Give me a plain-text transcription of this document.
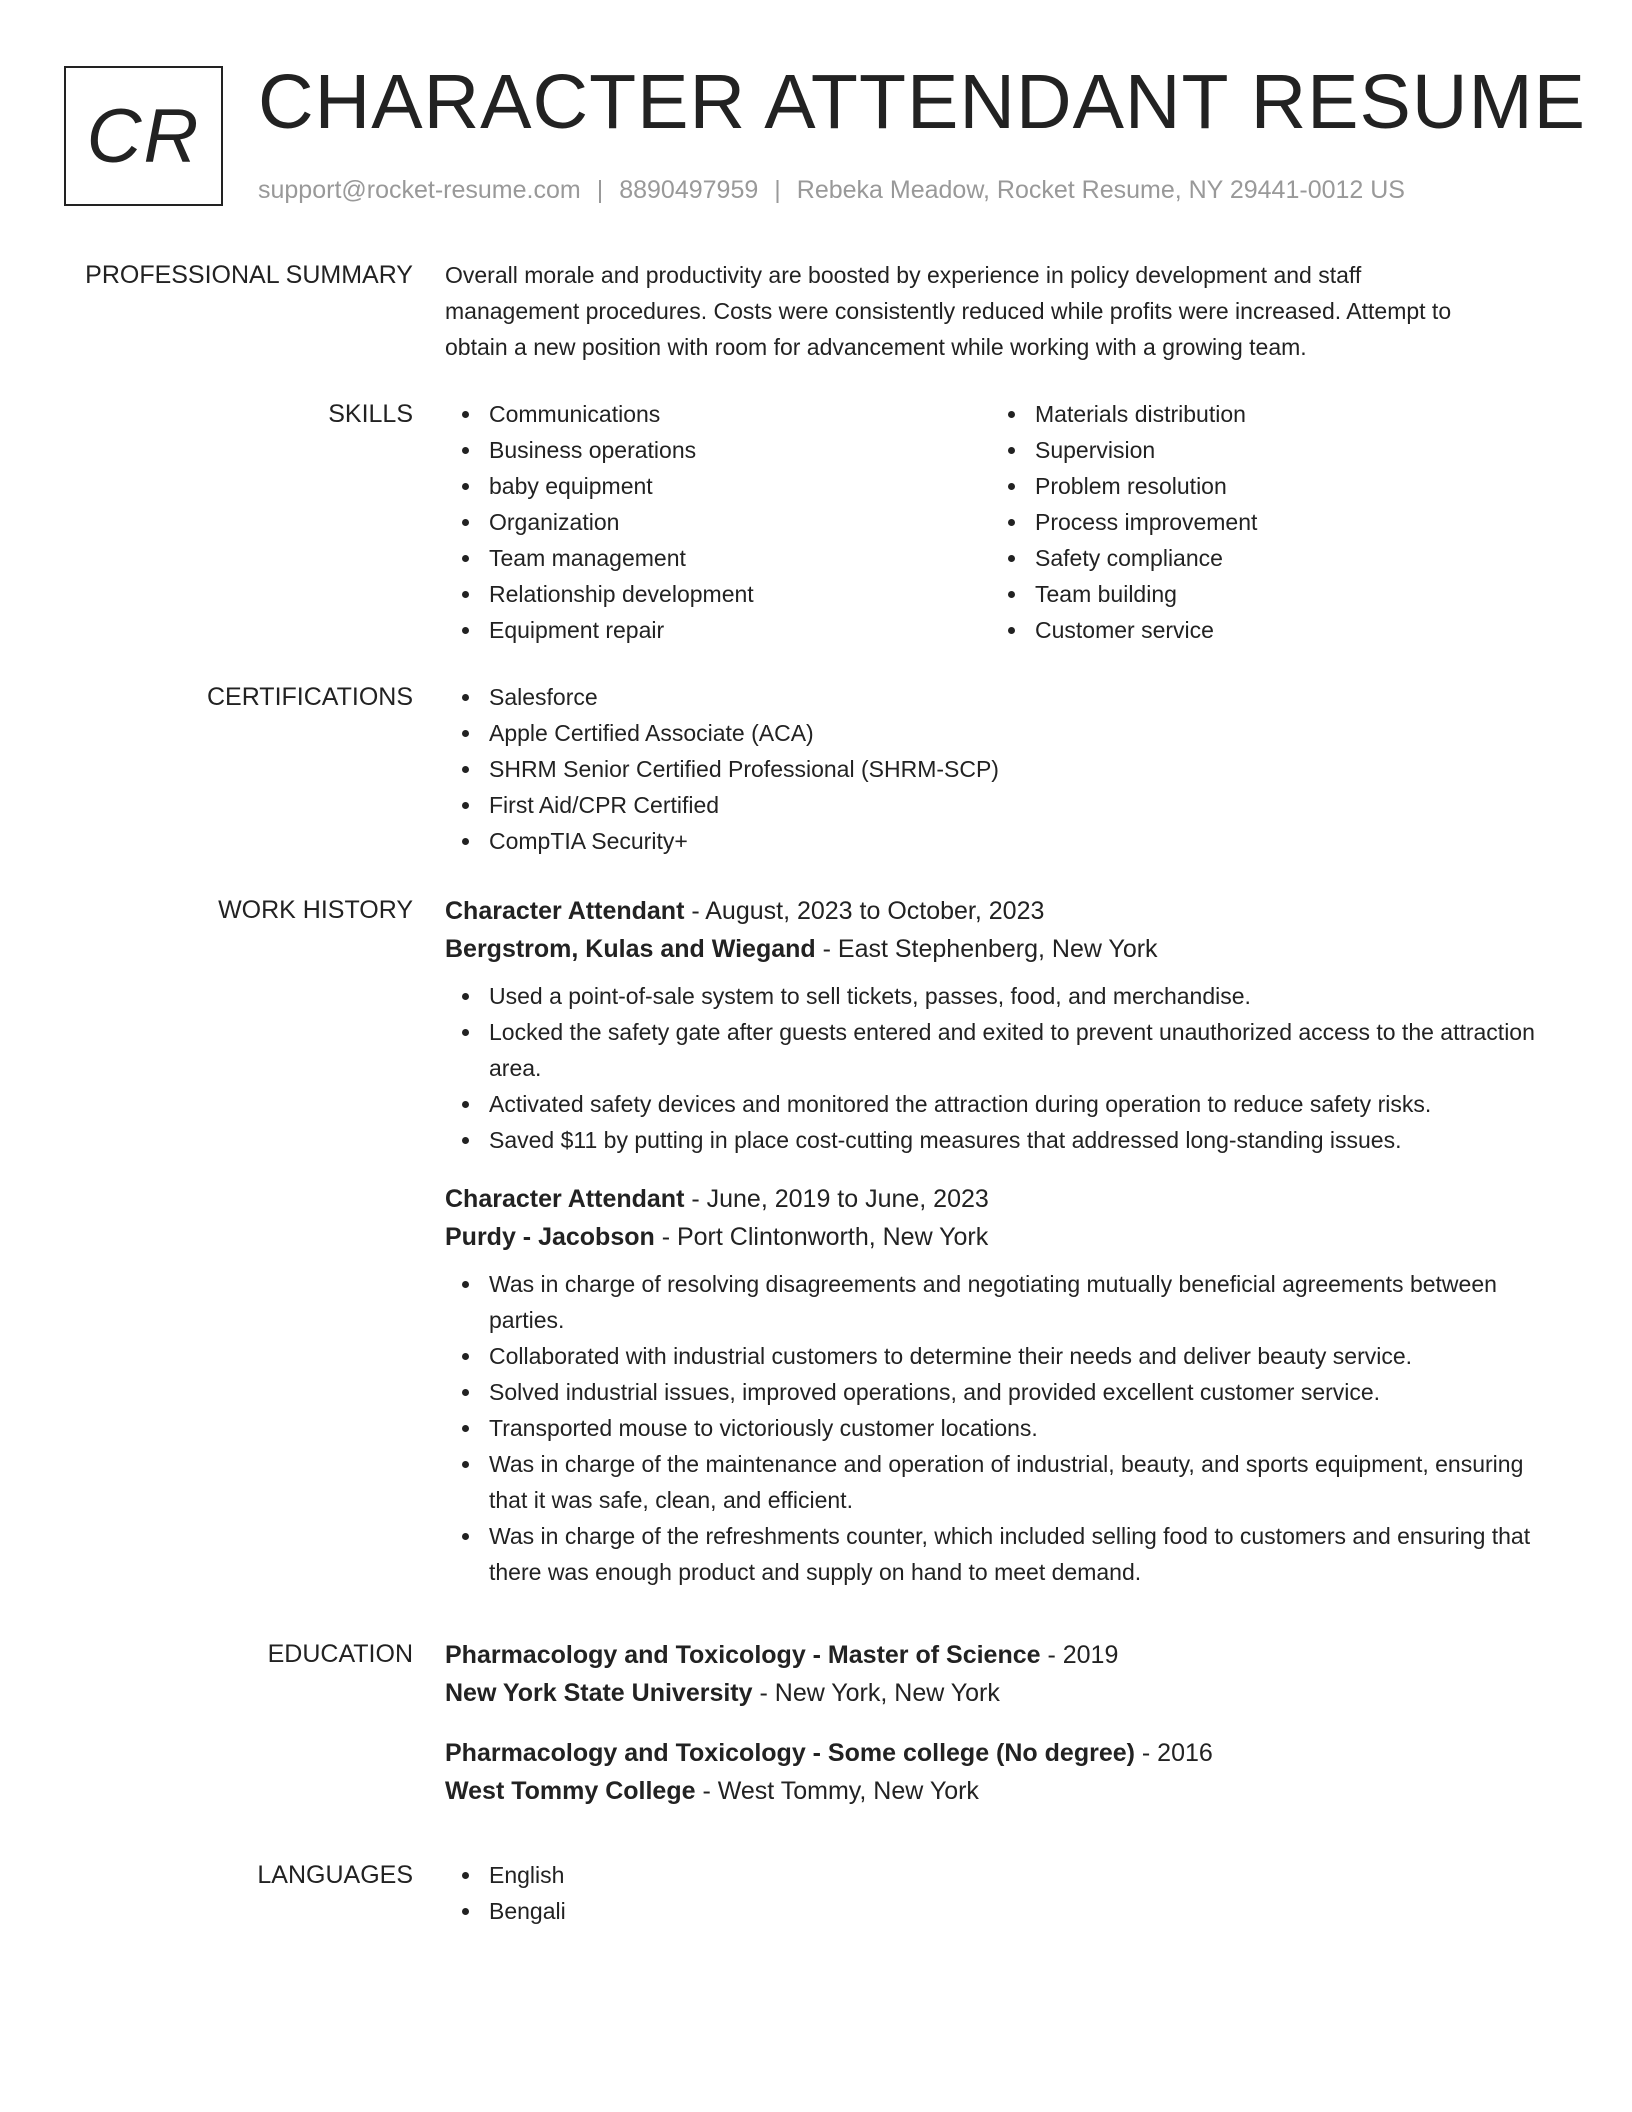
CR CHARACTER ATTENDANT RESUME
support@rocket-resume.com | 8890497959 | Rebeka Meadow, Rocket Resume, NY 29441-0012 US
PROFESSIONAL SUMMARY Overall morale and productivity are boosted by experience in policy development and staff

management procedures. Costs were consistently reduced while profits were increased. Attempt to

obtain a new position with room for advancement while working with a growing team.

SKILLS	Communications
Business operations
baby equipment
Organization
Team management
Relationship development
Equipment repair
Materials distribution
Supervision
Problem resolution
Process improvement
Safety compliance
Team building
Customer service
CERTIFICATIONS	Salesforce
Apple Certified Associate (ACA)
SHRM Senior Certified Professional (SHRM-SCP)
First Aid/CPR Certified
CompTIA Security+
WORK HISTORY Character Attendant - August, 2023 to October, 2023
Bergstrom, Kulas and Wiegand - East Stephenberg, New York
Used a point-of-sale system to sell tickets, passes, food, and merchandise.
Locked the safety gate after guests entered and exited to prevent unauthorized access to the attraction area.
Activated safety devices and monitored the attraction during operation to reduce safety risks.
Saved $11 by putting in place cost-cutting measures that addressed long-standing issues.
Character Attendant - June, 2019 to June, 2023
Purdy - Jacobson - Port Clintonworth, New York
Was in charge of resolving disagreements and negotiating mutually beneficial agreements between parties.
Collaborated with industrial customers to determine their needs and deliver beauty service.
Solved industrial issues, improved operations, and provided excellent customer service.
Transported mouse to victoriously customer locations.
Was in charge of the maintenance and operation of industrial, beauty, and sports equipment, ensuring that it was safe, clean, and efficient.
Was in charge of the refreshments counter, which included selling food to customers and ensuring that there was enough product and supply on hand to meet demand.
EDUCATION Pharmacology and Toxicology - Master of Science - 2019
New York State University - New York, New York
Pharmacology and Toxicology - Some college (No degree) - 2016
West Tommy College - West Tommy, New York
LANGUAGES	English
Bengali
